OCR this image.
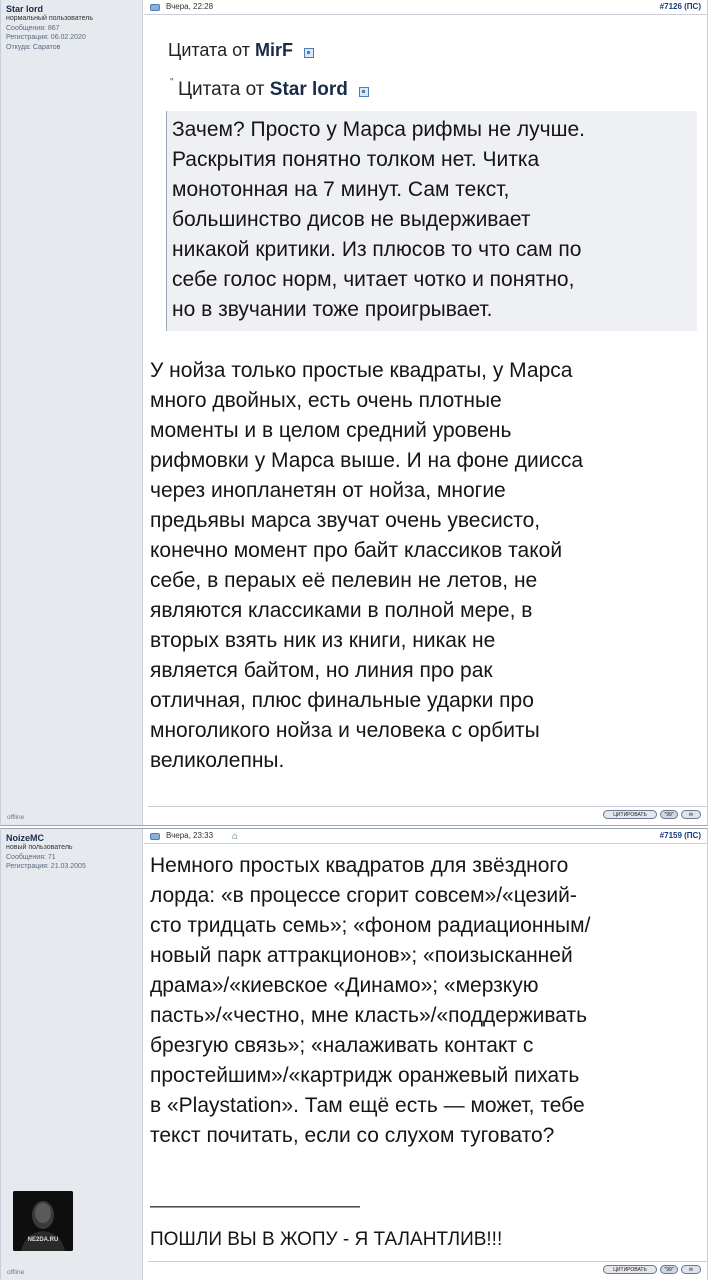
Star lord
нормальный пользователь
Сообщения: 867
Регистрация: 06.02.2020
Откуда: Саратов
offline
Вчера, 22:28	#7126 (ПС)
Цитата от MirF
" Цитата от Star lord
Зачем? Просто у Марса рифмы не лучше.
Раскрытия понятно толком нет. Читка
монотонная на 7 минут. Сам текст,
большинство дисов не выдерживает
никакой критики. Из плюсов то что сам по
себе голос норм, читает чотко и понятно,
но в звучании тоже проигрывает.
У нойза только простые квадраты, у Марса
много двойных, есть очень плотные
моменты и в целом средний уровень
рифмовки у Марса выше. И на фоне диисса
через инопланетян от нойза, многие
предьявы марса звучат очень увесисто,
конечно момент про байт классиков такой
себе, в пераых её пелевин не летов, не
являются классиками в полной мере, в
вторых взять ник из книги, никак не
является байтом, но линия про рак
отличная, плюс финальные ударки про
многоликого нойза и человека с орбиты
великолепны.
ЦИТИРОВАТЬ	"99"	✉
NoizeMC
новый пользователь
Сообщения: 71
Регистрация: 21.03.2005
NE2DA.RU
offline
Вчера, 23:33 ⌂	#7159 (ПС)
Немного простых квадратов для звёздного
лорда: «в процессе сгорит совсем»/«цезий-
сто тридцать семь»; «фоном радиационным/
новый парк аттракционов»; «поизысканней
драма»/«киевское «Динамо»; «мерзкую
пасть»/«честно, мне класть»/«поддерживать
брезгую связь»; «налаживать контакт с
простейшим»/«картридж оранжевый пихать
в «Playstation». Там ещё есть — может, тебе
текст почитать, если со слухом туговато?
——————————
ПОШЛИ ВЫ В ЖОПУ - Я ТАЛАНТЛИВ!!!
ЦИТИРОВАТЬ	"99"	✉
